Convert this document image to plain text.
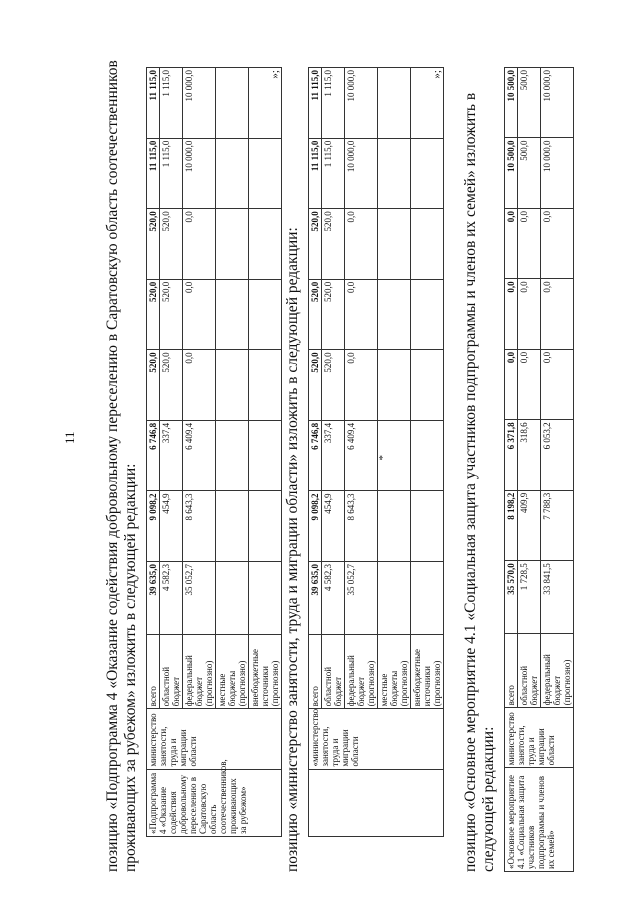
11 позицию «Подпрограмма 4 «Оказание содействия добровольному переселению в Саратовскую область соотечественников проживающих за рубежом» изложить в следующей редакции: «Подпрограмма 4 «Оказание содействия добровольному переселению в Саратовскую область соотечественников, проживающих за рубежом»	министерство занятости, труда и миграции области	всего	39 635,0	9 098,2	6 746,8	520,0	520,0	520,0	11 115,0	11 115,0
		областной бюджет	4 582,3	454,9	337,4	520,0	520,0	520,0	1 115,0	1 115,0
		федеральный бюджет (прогнозно)	35 052,7	8 643,3	6 409,4	0,0	0,0	0,0	10 000,0	10 000,0
		местные бюджеты (прогнозно)								
		внебюджетные источники (прогнозно)								»;

позицию «министерство занятости, труда и миграции области» изложить в следующей редакции:

	«министерство занятости, труда и миграции области	всего	39 635,0	9 098,2	6 746,8	520,0	520,0	520,0	11 115,0	11 115,0
		областной бюджет	4 582,3	454,9	337,4	520,0	520,0	520,0	1 115,0	1 115,0
		федеральный бюджет (прогнозно)	35 052,7	8 643,3	6 409,4	0,0	0,0	0,0	10 000,0	10 000,0
		местные бюджеты (прогнозно)			*					

		внебюджетные источники (прогнозно)								»;

позицию «Основное мероприятие 4.1 «Социальная защита участников подпрограммы и членов их семей» изложить в следующей редакции: «Основное мероприятие 4.1 «Социальная защита участников подпрограммы и членов их семей»	министерство занятости, труда и миграции области	всего	35 570,0	8 198,2	6 371,8	0,0	0,0	0,0	10 500,0	10 500,0
		областной бюджет	1 728,5	409,9	318,6	0,0	0,0	0,0	500,0	500,0
		федеральный бюджет (прогнозно)	33 841,5	7 788,3	6 053,2	0,0	0,0	0,0	10 000,0	10 000,0
